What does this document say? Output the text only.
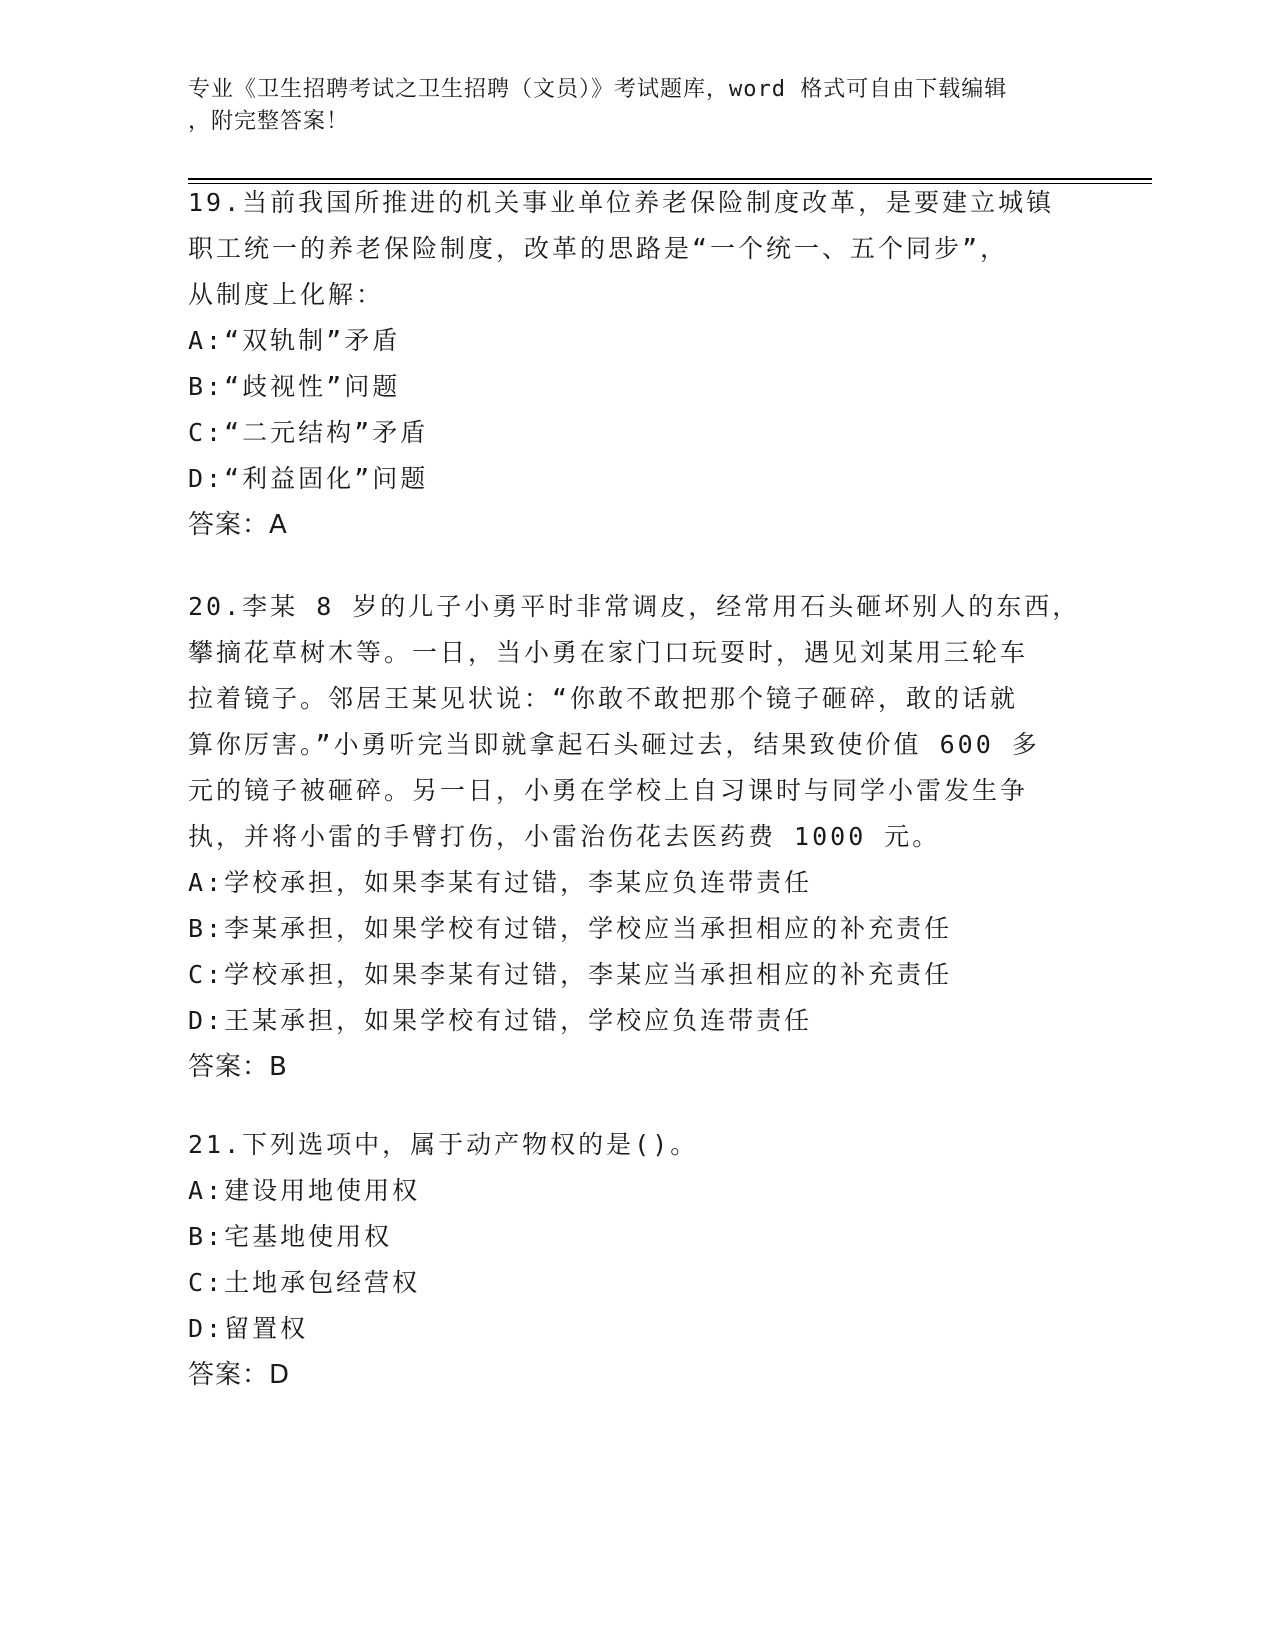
专业《卫生招聘考试之卫生招聘（文员）》考试题库，word 格式可自由下载编辑
，附完整答案！
19.当前我国所推进的机关事业单位养老保险制度改革，是要建立城镇
职工统一的养老保险制度，改革的思路是“一个统一、五个同步”，
从制度上化解：
A:“双轨制”矛盾
B:“歧视性”问题
C:“二元结构”矛盾
D:“利益固化”问题
答案：A
20.李某 8 岁的儿子小勇平时非常调皮，经常用石头砸坏别人的东西，
攀摘花草树木等。一日，当小勇在家门口玩耍时，遇见刘某用三轮车
拉着镜子。邻居王某见状说：“你敢不敢把那个镜子砸碎，敢的话就
算你厉害。”小勇听完当即就拿起石头砸过去，结果致使价值 600 多
元的镜子被砸碎。另一日，小勇在学校上自习课时与同学小雷发生争
执，并将小雷的手臂打伤，小雷治伤花去医药费 1000 元。
A:学校承担，如果李某有过错，李某应负连带责任
B:李某承担，如果学校有过错，学校应当承担相应的补充责任
C:学校承担，如果李某有过错，李某应当承担相应的补充责任
D:王某承担，如果学校有过错，学校应负连带责任
答案：B
21.下列选项中，属于动产物权的是()。
A:建设用地使用权
B:宅基地使用权
C:土地承包经营权
D:留置权
答案：D
